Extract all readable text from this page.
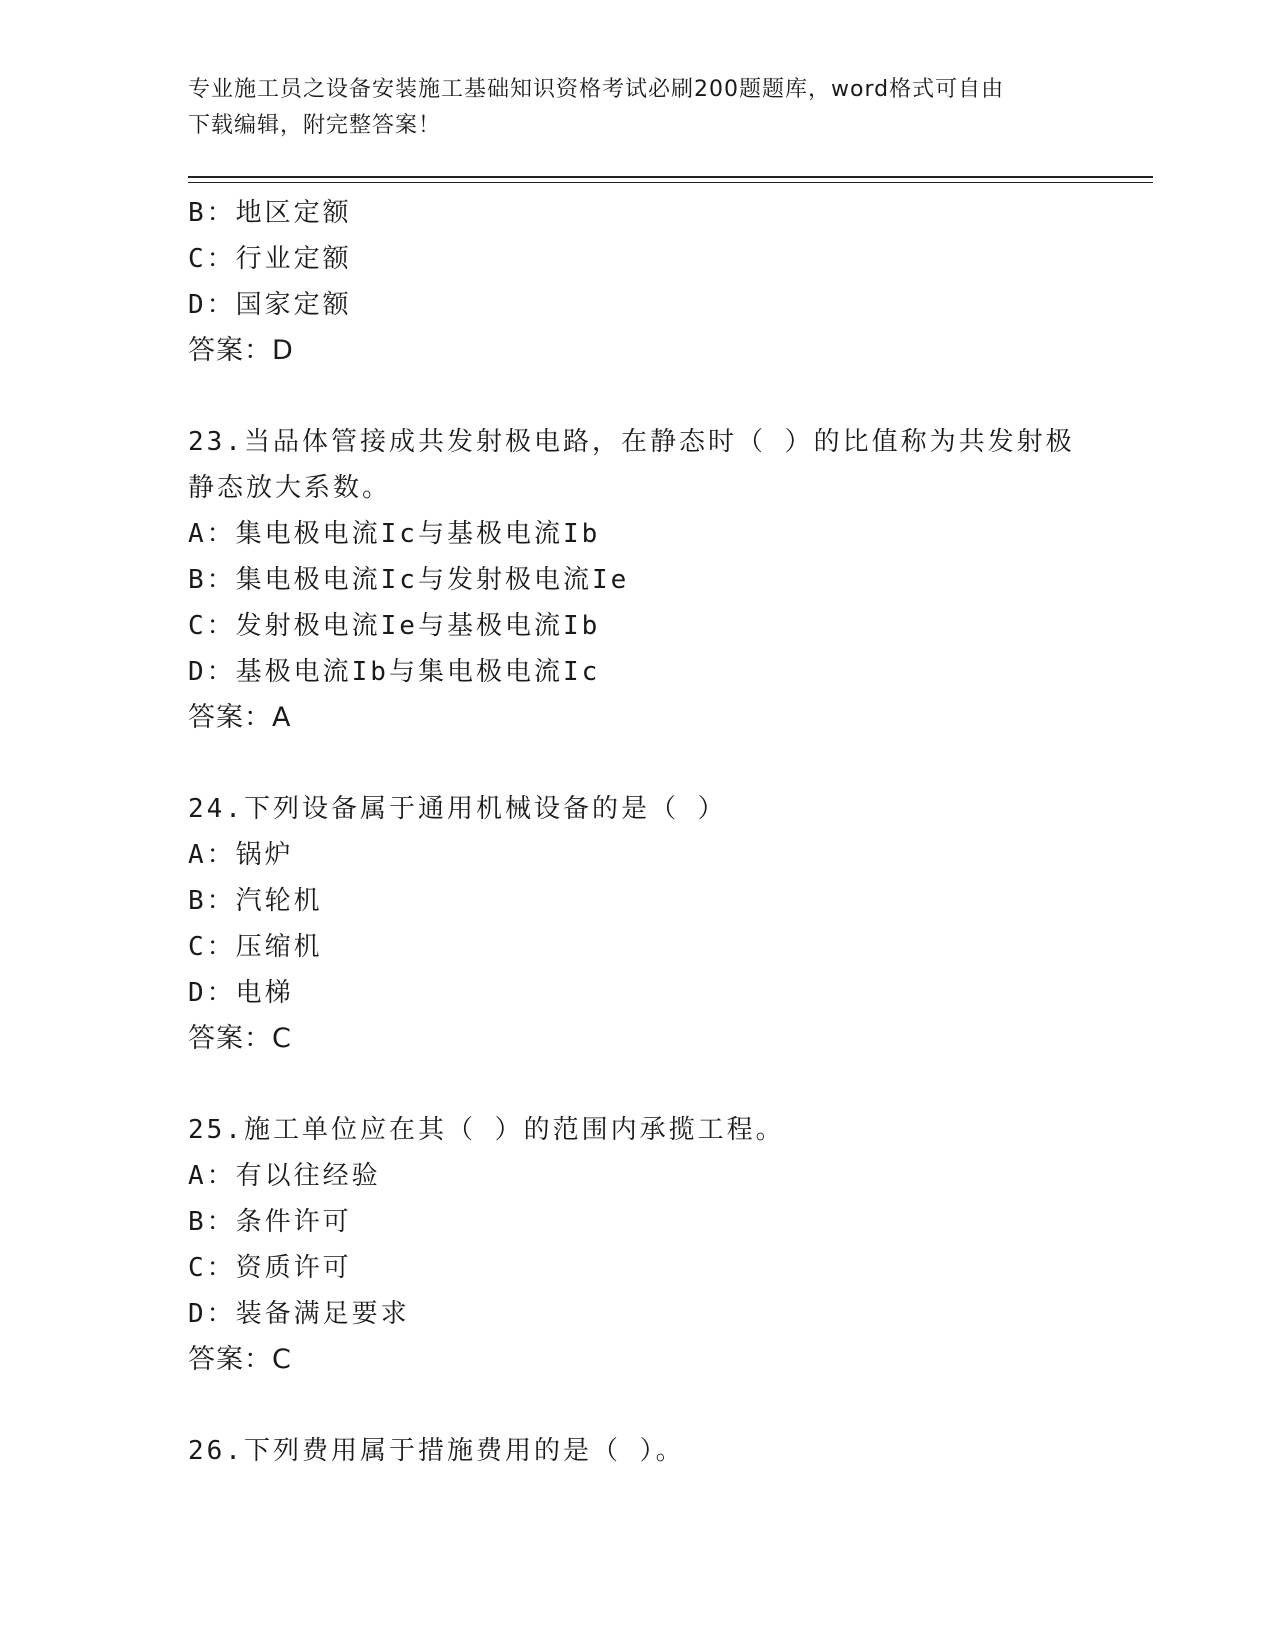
专业施工员之设备安装施工基础知识资格考试必刷200题题库，word格式可自由
下载编辑，附完整答案！
B：地区定额
C：行业定额
D：国家定额
答案：D
23.当品体管接成共发射极电路，在静态时（ ）的比值称为共发射极
静态放大系数。
A：集电极电流Ic与基极电流Ib
B：集电极电流Ic与发射极电流Ie
C：发射极电流Ie与基极电流Ib
D：基极电流Ib与集电极电流Ic
答案：A
24.下列设备属于通用机械设备的是（ ）
A：锅炉
B：汽轮机
C：压缩机
D：电梯
答案：C
25.施工单位应在其（ ）的范围内承揽工程。
A：有以往经验
B：条件许可
C：资质许可
D：装备满足要求
答案：C
26.下列费用属于措施费用的是（ ）。
